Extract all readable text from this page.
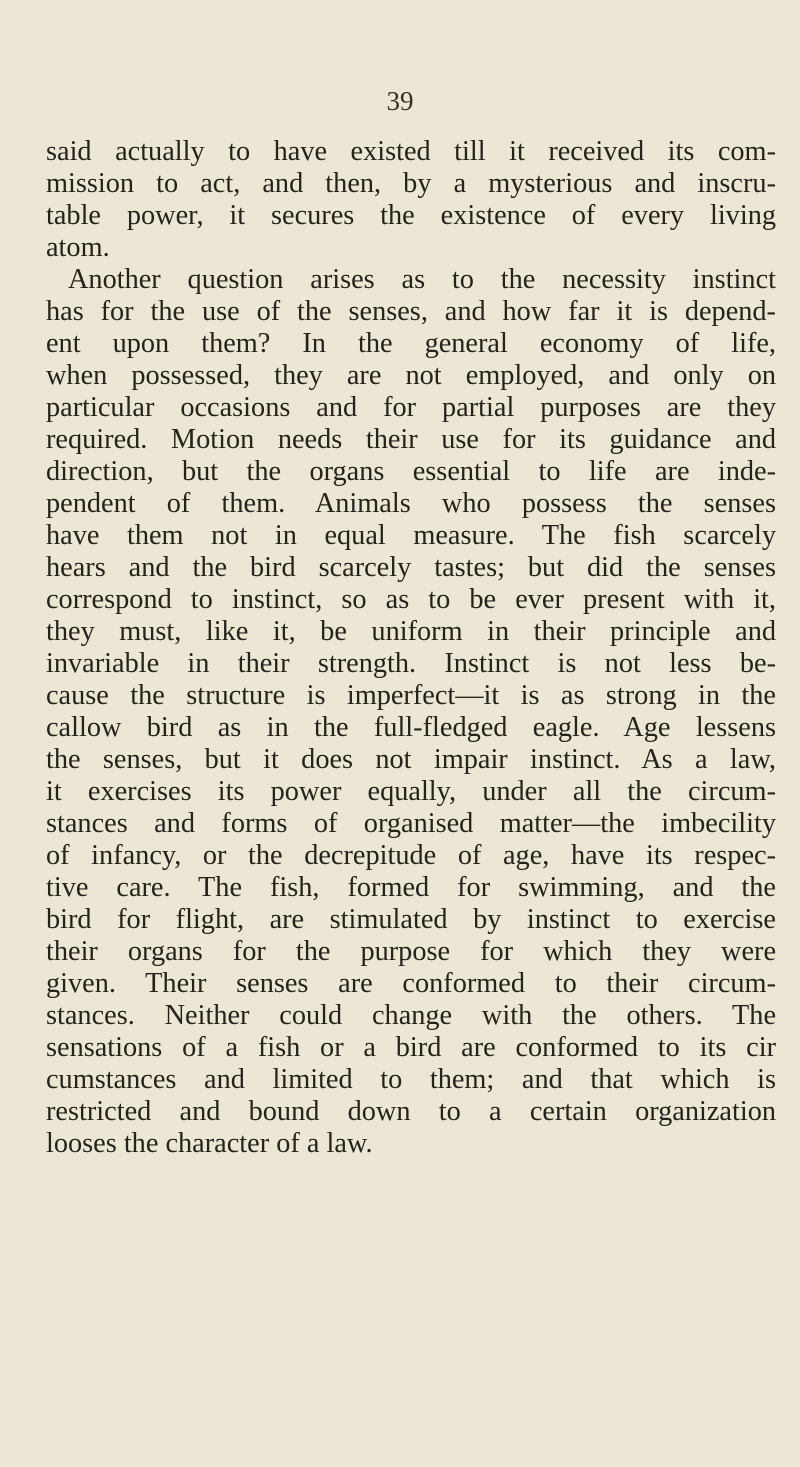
39
said actually to have existed till it received its com-
mission to act, and then, by a mysterious and inscru-
table power, it secures the existence of every living
atom.
Another question arises as to the necessity instinct
has for the use of the senses, and how far it is depend-
ent upon them? In the general economy of life,
when possessed, they are not employed, and only on
particular occasions and for partial purposes are they
required. Motion needs their use for its guidance and
direction, but the organs essential to life are inde-
pendent of them. Animals who possess the senses
have them not in equal measure. The fish scarcely
hears and the bird scarcely tastes; but did the senses
correspond to instinct, so as to be ever present with it,
they must, like it, be uniform in their principle and
invariable in their strength. Instinct is not less be-
cause the structure is imperfect—it is as strong in the
callow bird as in the full-fledged eagle. Age lessens
the senses, but it does not impair instinct. As a law,
it exercises its power equally, under all the circum-
stances and forms of organised matter—the imbecility
of infancy, or the decrepitude of age, have its respec-
tive care. The fish, formed for swimming, and the
bird for flight, are stimulated by instinct to exercise
their organs for the purpose for which they were
given. Their senses are conformed to their circum-
stances. Neither could change with the others. The
sensations of a fish or a bird are conformed to its cir
cumstances and limited to them; and that which is
restricted and bound down to a certain organization
looses the character of a law.
